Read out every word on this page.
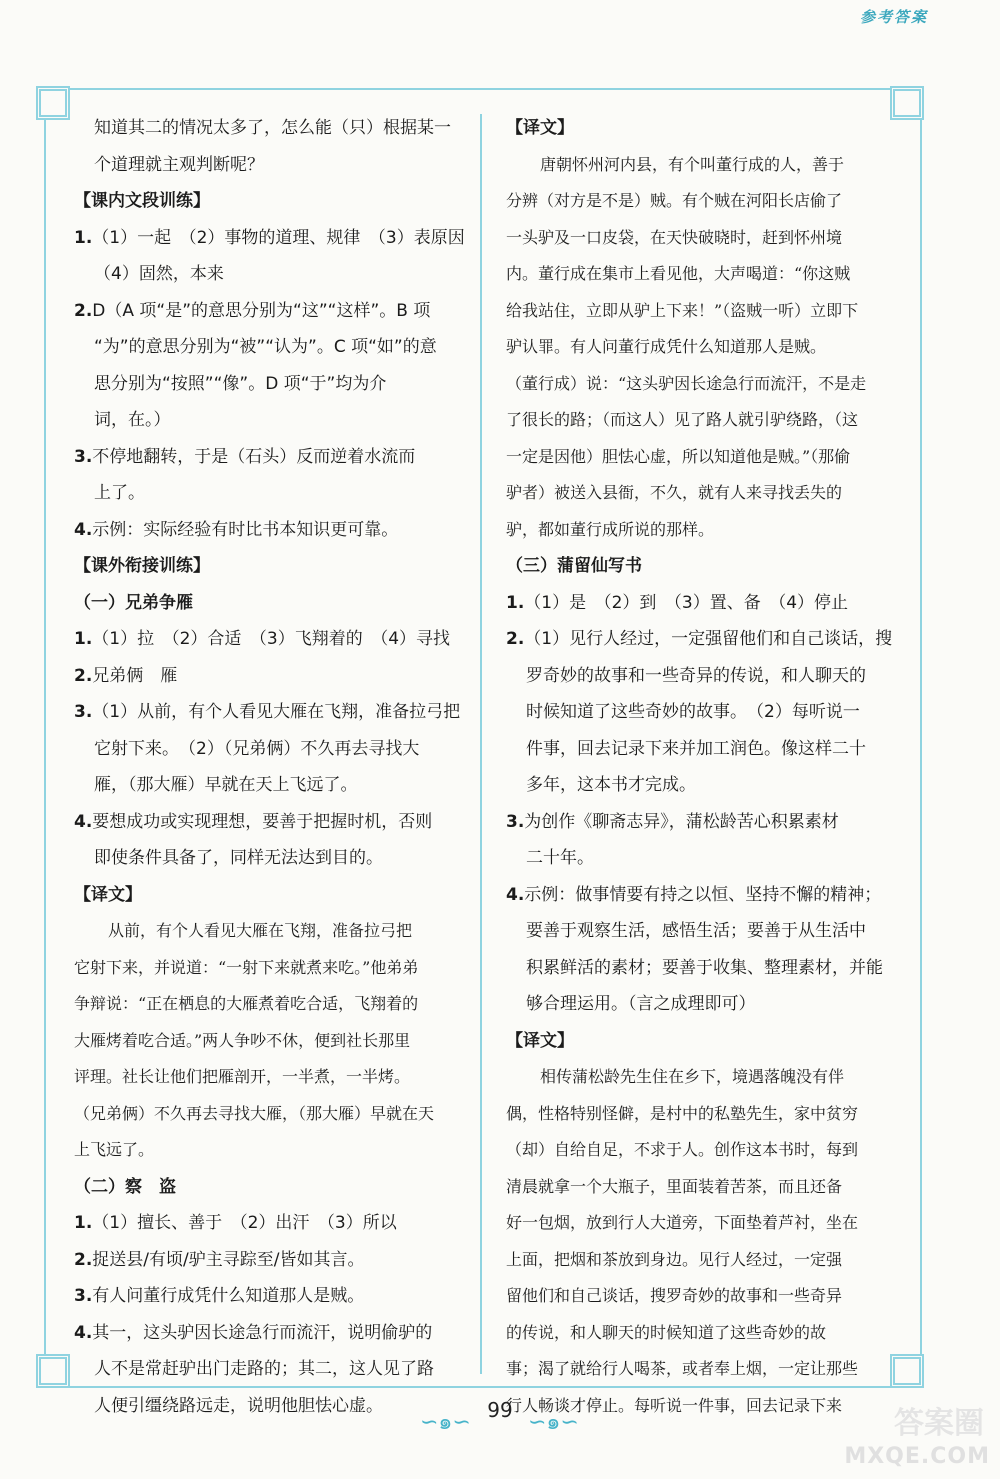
参考答案

知道其二的情况太多了，怎么能（只）根据某一

个道理就主观判断呢？

【课内文段训练】

1.（1）一起　（2）事物的道理、规律　（3）表原因

（4）固然，本来

2.D（A 项“是”的意思分别为“这”“这样”。B 项

“为”的意思分别为“被”“认为”。C 项“如”的意

思分别为“按照”“像”。D 项“于”均为介

词，在。）

3.不停地翻转，于是（石头）反而逆着水流而

上了。

4.示例：实际经验有时比书本知识更可靠。

【课外衔接训练】

（一）兄弟争雁

1.（1）拉　（2）合适　（3）飞翔着的　（4）寻找

2.兄弟俩　雁

3.（1）从前，有个人看见大雁在飞翔，准备拉弓把

它射下来。　（2）（兄弟俩）不久再去寻找大

雁，（那大雁）早就在天上飞远了。

4.要想成功或实现理想，要善于把握时机，否则

即使条件具备了，同样无法达到目的。

【译文】

从前，有个人看见大雁在飞翔，准备拉弓把

它射下来，并说道：“一射下来就煮来吃。”他弟弟

争辩说：“正在栖息的大雁煮着吃合适，飞翔着的

大雁烤着吃合适。”两人争吵不休，便到社长那里

评理。社长让他们把雁剖开，一半煮，一半烤。

（兄弟俩）不久再去寻找大雁，（那大雁）早就在天

上飞远了。

（二）察　盗

1.（1）擅长、善于　（2）出汗　（3）所以

2.捉送县/有顷/驴主寻踪至/皆如其言。

3.有人问董行成凭什么知道那人是贼。

4.其一，这头驴因长途急行而流汗，说明偷驴的

人不是常赶驴出门走路的；其二，这人见了路

人便引缰绕路远走，说明他胆怯心虚。

【译文】

唐朝怀州河内县，有个叫董行成的人，善于

分辨（对方是不是）贼。有个贼在河阳长店偷了

一头驴及一口皮袋，在天快破晓时，赶到怀州境

内。董行成在集市上看见他，大声喝道：“你这贼

给我站住，立即从驴上下来！”（盗贼一听）立即下

驴认罪。有人问董行成凭什么知道那人是贼。

（董行成）说：“这头驴因长途急行而流汗，不是走

了很长的路；（而这人）见了路人就引驴绕路，（这

一定是因他）胆怯心虚，所以知道他是贼。”（那偷

驴者）被送入县衙，不久，就有人来寻找丢失的

驴，都如董行成所说的那样。

（三）蒲留仙写书

1.（1）是　（2）到　（3）置、备　（4）停止

2.（1）见行人经过，一定强留他们和自己谈话，搜

罗奇妙的故事和一些奇异的传说，和人聊天的

时候知道了这些奇妙的故事。　（2）每听说一

件事，回去记录下来并加工润色。像这样二十

多年，这本书才完成。

3.为创作《聊斋志异》，蒲松龄苦心积累素材

二十年。

4.示例：做事情要有持之以恒、坚持不懈的精神；

要善于观察生活，感悟生活；要善于从生活中

积累鲜活的素材；要善于收集、整理素材，并能

够合理运用。（言之成理即可）

【译文】

相传蒲松龄先生住在乡下，境遇落魄没有伴

偶，性格特别怪僻，是村中的私塾先生，家中贫穷

（却）自给自足，不求于人。创作这本书时，每到

清晨就拿一个大瓶子，里面装着苦茶，而且还备

好一包烟，放到行人大道旁，下面垫着芦衬，坐在

上面，把烟和茶放到身边。见行人经过，一定强

留他们和自己谈话，搜罗奇妙的故事和一些奇异

的传说，和人聊天的时候知道了这些奇妙的故

事；渴了就给行人喝茶，或者奉上烟，一定让那些

行人畅谈才停止。每听说一件事，回去记录下来

∽๑∽ 99 ∽๑∽	答案圈
MXQE.COM
